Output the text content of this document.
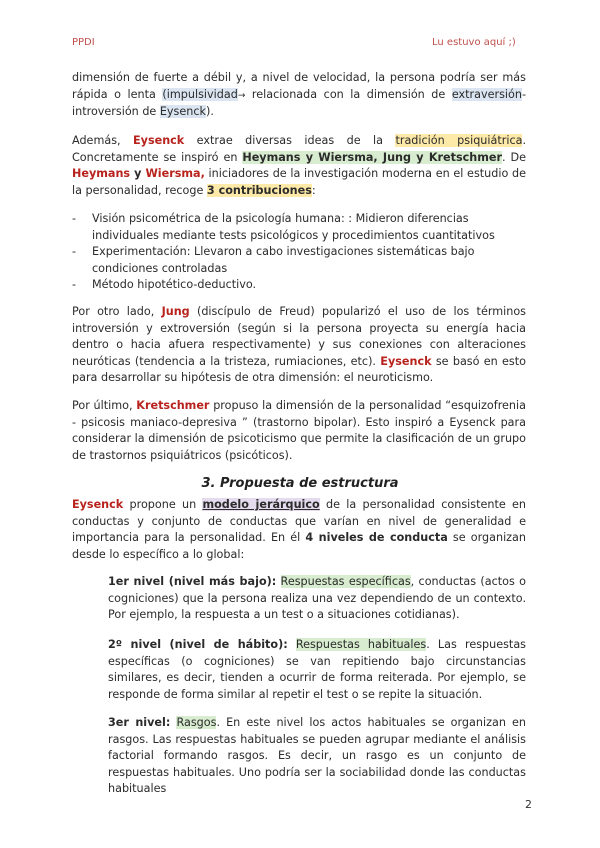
PPDI	Lu estuvo aquí ;)
dimensión de fuerte a débil y, a nivel de velocidad, la persona podría ser más rápida o lenta (impulsividad→ relacionada con la dimensión de extraversión-introversión de Eysenck).
Además, Eysenck extrae diversas ideas de la tradición psiquiátrica. Concretamente se inspiró en Heymans y Wiersma, Jung y Kretschmer. De Heymans y Wiersma, iniciadores de la investigación moderna en el estudio de la personalidad, recoge 3 contribuciones:
- Visión psicométrica de la psicología humana: : Midieron diferencias individuales mediante tests psicológicos y procedimientos cuantitativos
- Experimentación: Llevaron a cabo investigaciones sistemáticas bajo condiciones controladas
- Método hipotético-deductivo.
Por otro lado, Jung (discípulo de Freud) popularizó el uso de los términos introversión y extroversión (según si la persona proyecta su energía hacia dentro o hacia afuera respectivamente) y sus conexiones con alteraciones neuróticas (tendencia a la tristeza, rumiaciones, etc). Eysenck se basó en esto para desarrollar su hipótesis de otra dimensión: el neuroticismo.
Por último, Kretschmer propuso la dimensión de la personalidad “esquizofrenia - psicosis maniaco-depresiva ” (trastorno bipolar). Esto inspiró a Eysenck para considerar la dimensión de psicoticismo que permite la clasificación de un grupo de trastornos psiquiátricos (psicóticos).
3. Propuesta de estructura
Eysenck propone un modelo jerárquico de la personalidad consistente en conductas y conjunto de conductas que varían en nivel de generalidad e importancia para la personalidad. En él 4 niveles de conducta se organizan desde lo específico a lo global:
1er nivel (nivel más bajo): Respuestas específicas, conductas (actos o cogniciones) que la persona realiza una vez dependiendo de un contexto. Por ejemplo, la respuesta a un test o a situaciones cotidianas).
2º nivel (nivel de hábito): Respuestas habituales. Las respuestas específicas (o cogniciones) se van repitiendo bajo circunstancias similares, es decir, tienden a ocurrir de forma reiterada. Por ejemplo, se responde de forma similar al repetir el test o se repite la situación.
3er nivel: Rasgos. En este nivel los actos habituales se organizan en rasgos. Las respuestas habituales se pueden agrupar mediante el análisis factorial formando rasgos. Es decir, un rasgo es un conjunto de respuestas habituales. Uno podría ser la sociabilidad donde las conductas habituales
2
